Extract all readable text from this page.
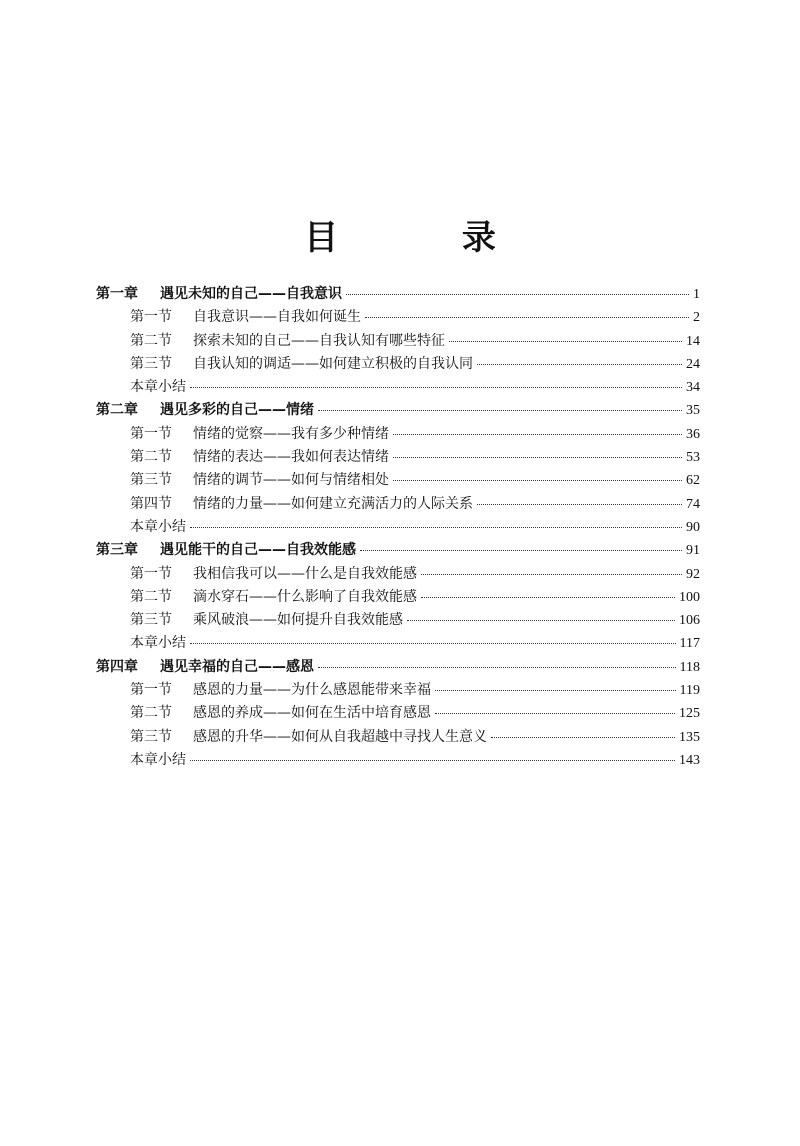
目 录
第一章 遇见未知的自己——自我意识	1
第一节 自我意识——自我如何诞生	2
第二节 探索未知的自己——自我认知有哪些特征	14
第三节 自我认知的调适——如何建立积极的自我认同	24
本章小结	34
第二章 遇见多彩的自己——情绪	35
第一节 情绪的觉察——我有多少种情绪	36
第二节 情绪的表达——我如何表达情绪	53
第三节 情绪的调节——如何与情绪相处	62
第四节 情绪的力量——如何建立充满活力的人际关系	74
本章小结	90
第三章 遇见能干的自己——自我效能感	91
第一节 我相信我可以——什么是自我效能感	92
第二节 滴水穿石——什么影响了自我效能感	100
第三节 乘风破浪——如何提升自我效能感	106
本章小结	117
第四章 遇见幸福的自己——感恩	118
第一节 感恩的力量——为什么感恩能带来幸福	119
第二节 感恩的养成——如何在生活中培育感恩	125
第三节 感恩的升华——如何从自我超越中寻找人生意义	135
本章小结	143
